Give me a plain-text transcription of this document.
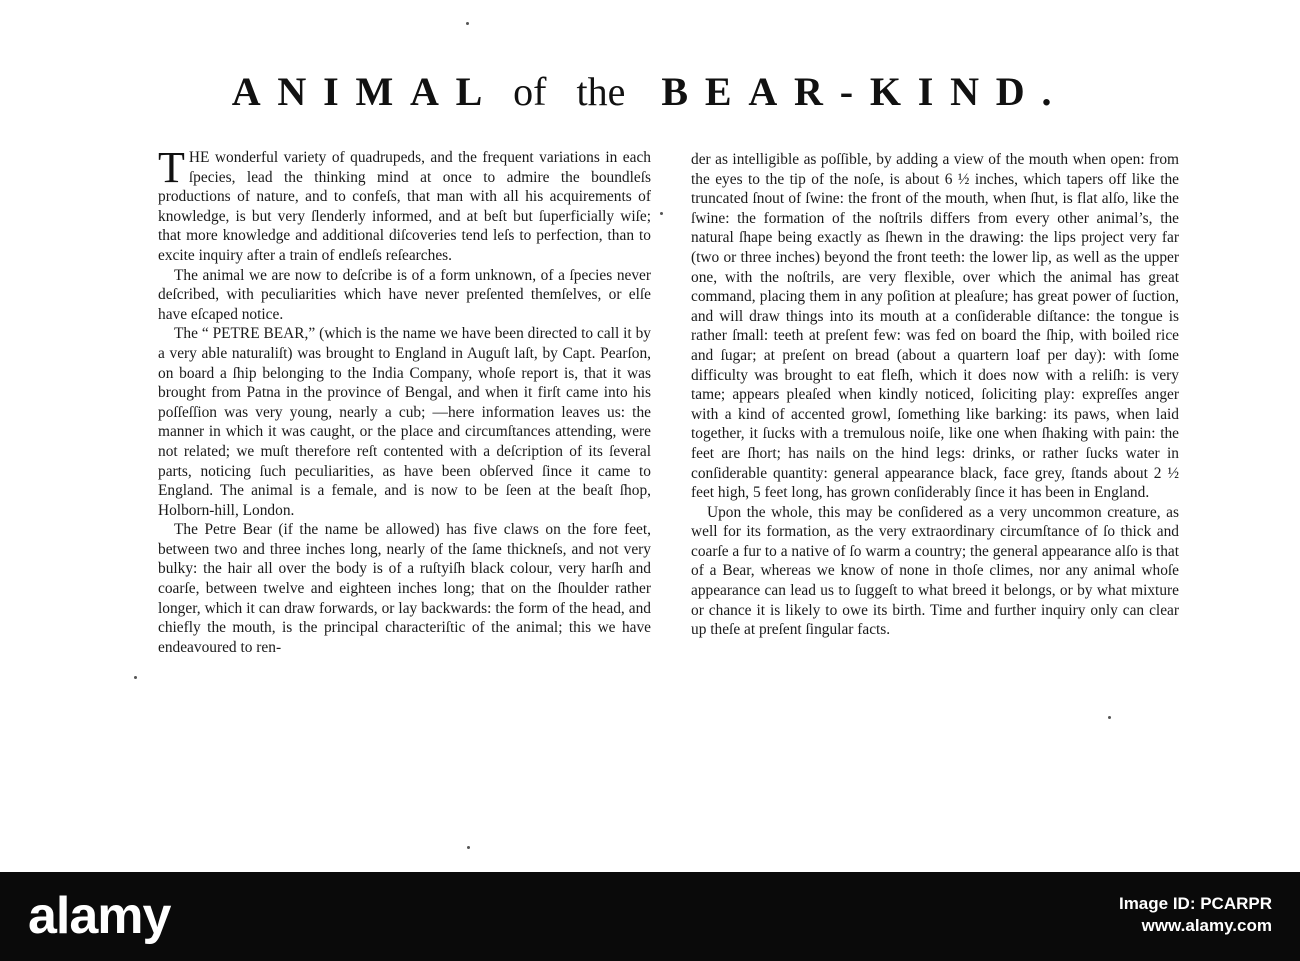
ANIMAL of the BEAR-KIND.

THE wonderful variety of quadrupeds, and the frequent variations in each ſpecies, lead the thinking mind at once to admire the boundleſs productions of nature, and to confeſs, that man with all his acquirements of knowledge, is but very ſlenderly informed, and at beſt but ſuperficially wiſe; that more knowledge and additional diſcoveries tend leſs to perfection, than to excite inquiry after a train of endleſs reſearches.

The animal we are now to deſcribe is of a form unknown, of a ſpecies never deſcribed, with peculiarities which have never preſented themſelves, or elſe have eſcaped notice.

The “ PETRE BEAR,” (which is the name we have been directed to call it by a very able naturaliſt) was brought to England in Auguſt laſt, by Capt. Pearſon, on board a ſhip belonging to the India Company, whoſe report is, that it was brought from Patna in the province of Bengal, and when it firſt came into his poſſeſſion was very young, nearly a cub; —here information leaves us: the manner in which it was caught, or the place and circumſtances attending, were not related; we muſt therefore reſt contented with a deſcription of its ſeveral parts, noticing ſuch peculiarities, as have been obſerved ſince it came to England. The animal is a female, and is now to be ſeen at the beaſt ſhop, Holborn-hill, London.

The Petre Bear (if the name be allowed) has five claws on the fore feet, between two and three inches long, nearly of the ſame thickneſs, and not very bulky: the hair all over the body is of a ruſtyiſh black colour, very harſh and coarſe, between twelve and eighteen inches long; that on the ſhoulder rather longer, which it can draw forwards, or lay backwards: the form of the head, and chiefly the mouth, is the principal characteriſtic of the animal; this we have endeavoured to ren-

der as intelligible as poſſible, by adding a view of the mouth when open: from the eyes to the tip of the noſe, is about 6 ½ inches, which tapers off like the truncated ſnout of ſwine: the front of the mouth, when ſhut, is flat alſo, like the ſwine: the formation of the noſtrils differs from every other animal’s, the natural ſhape being exactly as ſhewn in the drawing: the lips project very far (two or three inches) beyond the front teeth: the lower lip, as well as the upper one, with the noſtrils, are very flexible, over which the animal has great command, placing them in any poſition at pleaſure; has great power of ſuction, and will draw things into its mouth at a conſiderable diſtance: the tongue is rather ſmall: teeth at preſent few: was fed on board the ſhip, with boiled rice and ſugar; at preſent on bread (about a quartern loaf per day): with ſome difficulty was brought to eat fleſh, which it does now with a reliſh: is very tame; appears pleaſed when kindly noticed, ſoliciting play: expreſſes anger with a kind of accented growl, ſomething like barking: its paws, when laid together, it ſucks with a tremulous noiſe, like one when ſhaking with pain: the feet are ſhort; has nails on the hind legs: drinks, or rather ſucks water in conſiderable quantity: general appearance black, face grey, ſtands about 2 ½ feet high, 5 feet long, has grown conſiderably ſince it has been in England.

Upon the whole, this may be conſidered as a very uncommon creature, as well for its formation, as the very extraordinary circumſtance of ſo thick and coarſe a fur to a native of ſo warm a country; the general appearance alſo is that of a Bear, whereas we know of none in thoſe climes, nor any animal whoſe appearance can lead us to ſuggeſt to what breed it belongs, or by what mixture or chance it is likely to owe its birth. Time and further inquiry only can clear up theſe at preſent ſingular facts.

alamy	Image ID: PCARPR
www.alamy.com
